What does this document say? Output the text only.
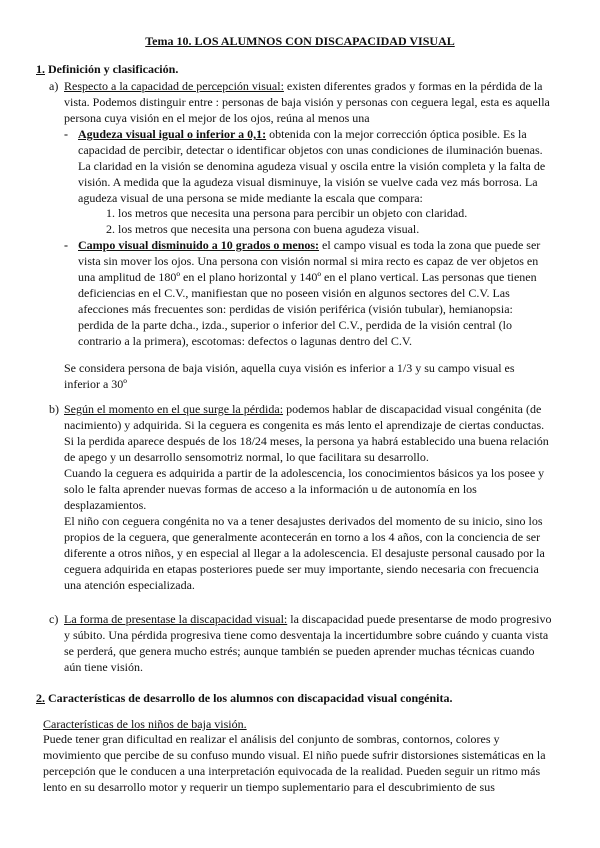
Tema 10. LOS ALUMNOS CON DISCAPACIDAD VISUAL
1. Definición y clasificación.
a) Respecto a la capacidad de percepción visual: existen diferentes grados y formas en la pérdida de la vista. Podemos distinguir entre : personas de baja visión y personas con ceguera legal, esta es aquella persona cuya visión en el mejor de los ojos, reúna al menos una

- Agudeza visual igual o inferior a 0,1: obtenida con la mejor corrección óptica posible. Es la capacidad de percibir, detectar o identificar objetos con unas condiciones de iluminación buenas. La claridad en la visión se denomina agudeza visual y oscila entre la visión completa y la falta de visión. A medida que la agudeza visual disminuye, la visión se vuelve cada vez más borrosa. La agudeza visual de una persona se mide mediante la escala que compara:

1. los metros que necesita una persona para percibir un objeto con claridad.
2. los metros que necesita una persona con buena agudeza visual.
- Campo visual disminuido a 10 grados o menos: el campo visual es toda la zona que puede ser vista sin mover los ojos. Una persona con visión normal si mira recto es capaz de ver objetos en una amplitud de 180º en el plano horizontal y 140º en el plano vertical. Las personas que tienen deficiencias en el C.V., manifiestan que no poseen visión en algunos sectores del C.V. Las afecciones más frecuentes son: perdidas de visión periférica (visión tubular), hemianopsia: perdida de la parte dcha., izda., superior o inferior del C.V., perdida de la visión central (lo contrario a la primera), escotomas: defectos o lagunas dentro del C.V.

Se considera persona de baja visión, aquella cuya visión es inferior a 1/3 y su campo visual es inferior a 30º

b) Según el momento en el que surge la pérdida: podemos hablar de discapacidad visual congénita (de nacimiento) y adquirida. Si la ceguera es congenita es más lento el aprendizaje de ciertas conductas. Si la perdida aparece después de los 18/24 meses, la persona ya habrá establecido una buena relación de apego y un desarrollo sensomotriz normal, lo que facilitara su desarrollo.

Cuando la ceguera es adquirida a partir de la adolescencia, los conocimientos básicos ya los posee y solo le falta aprender nuevas formas de acceso a la información u de autonomía en los desplazamientos.

El niño con ceguera congénita no va a tener desajustes derivados del momento de su inicio, sino los propios de la ceguera, que generalmente acontecerán en torno a los 4 años, con la conciencia de ser diferente a otros niños, y en especial al llegar a la adolescencia. El desajuste personal causado por la ceguera adquirida en etapas posteriores puede ser muy importante, siendo necesaria con frecuencia una atención especializada.

c) La forma de presentase la discapacidad visual: la discapacidad puede presentarse de modo progresivo y súbito. Una pérdida progresiva tiene como desventaja la incertidumbre sobre cuándo y cuanta vista se perderá, que genera mucho estrés; aunque también se pueden aprender muchas técnicas cuando aún tiene visión.

2. Características de desarrollo de los alumnos con discapacidad visual congénita.

Características de los niños de baja visión.

Puede tener gran dificultad en realizar el análisis del conjunto de sombras, contornos, colores y movimiento que percibe de su confuso mundo visual. El niño puede sufrir distorsiones sistemáticas en la percepción que le conducen a una interpretación equivocada de la realidad. Pueden seguir un ritmo más lento en su desarrollo motor y requerir un tiempo suplementario para el descubrimiento de sus
